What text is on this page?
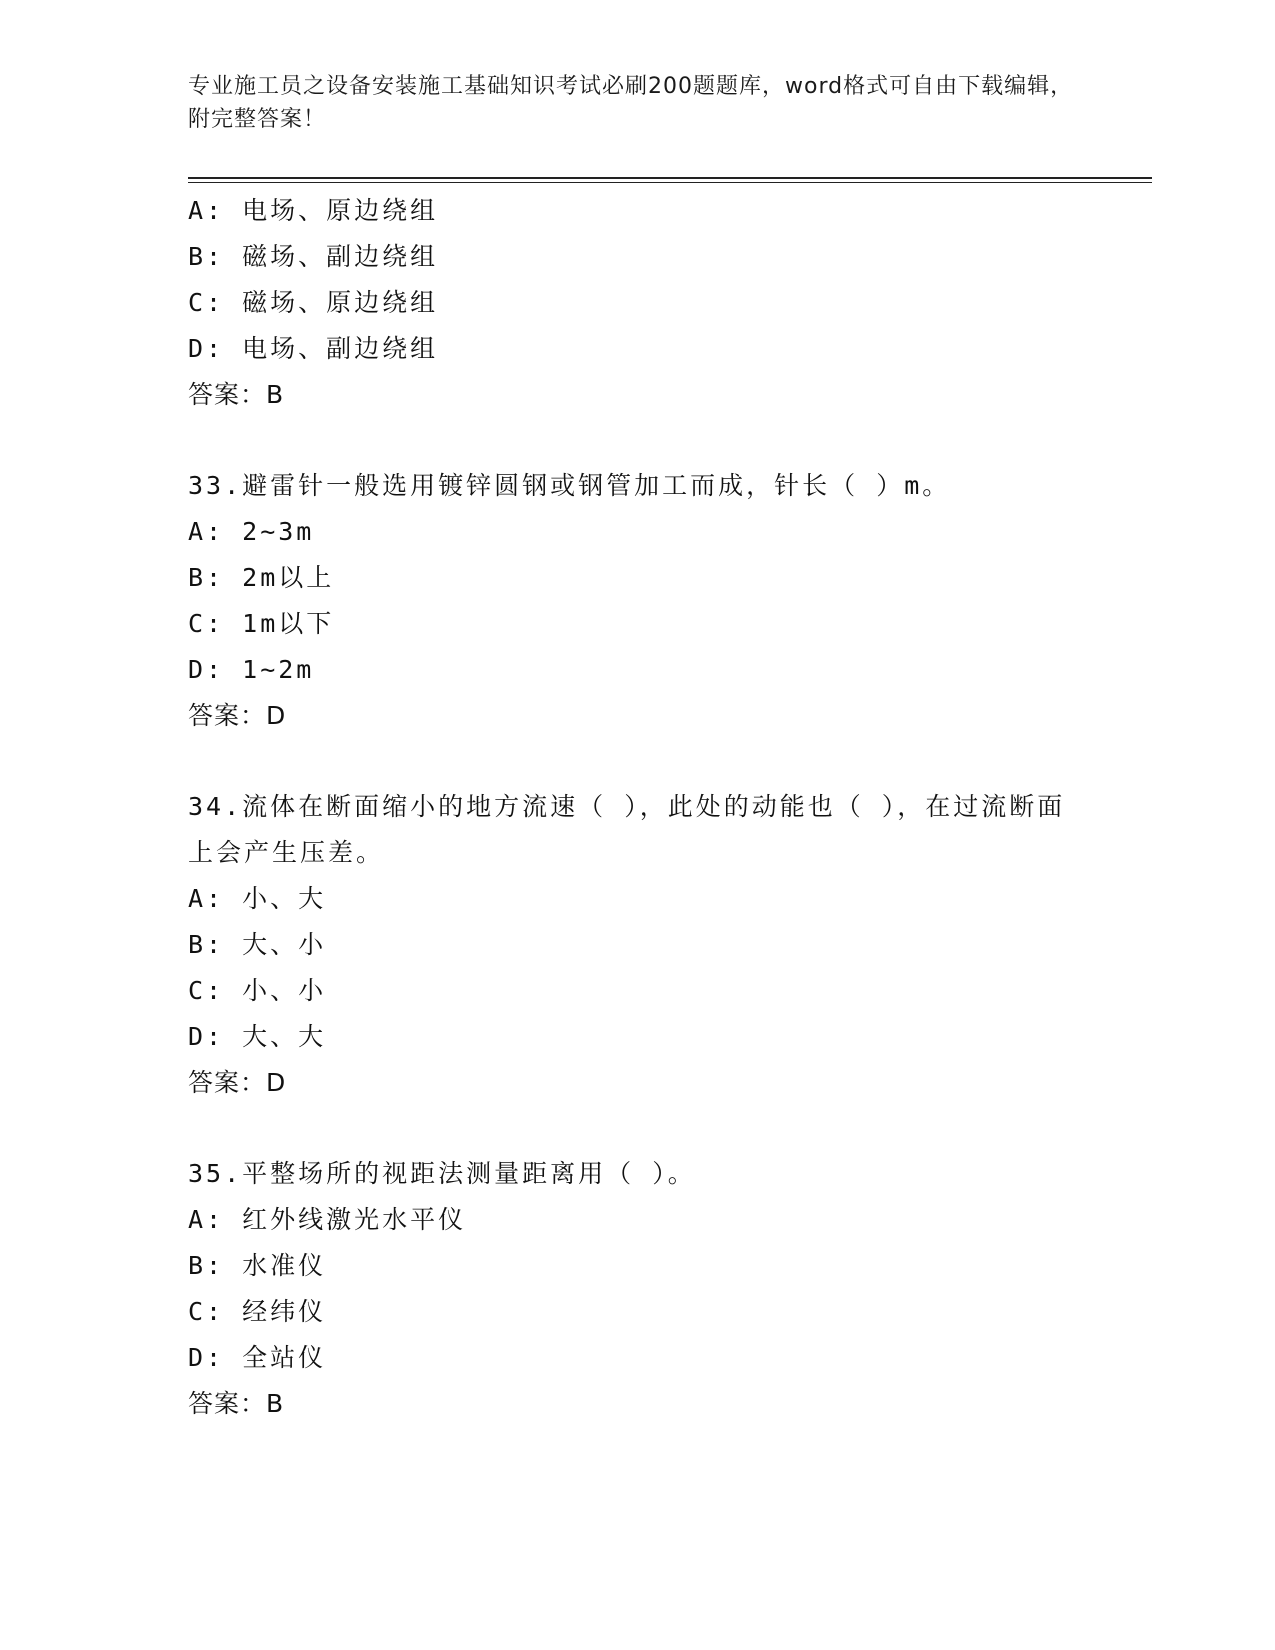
专业施工员之设备安装施工基础知识考试必刷200题题库，word格式可自由下载编辑，附完整答案！
A: 电场、原边绕组
B: 磁场、副边绕组
C: 磁场、原边绕组
D: 电场、副边绕组
答案：B
33.避雷针一般选用镀锌圆钢或钢管加工而成，针长（ ）m。
A: 2~3m
B: 2m以上
C: 1m以下
D: 1~2m
答案：D
34.流体在断面缩小的地方流速（ ），此处的动能也（ ），在过流断面上会产生压差。
A: 小、大
B: 大、小
C: 小、小
D: 大、大
答案：D
35.平整场所的视距法测量距离用（ ）。
A: 红外线激光水平仪
B: 水准仪
C: 经纬仪
D: 全站仪
答案：B
